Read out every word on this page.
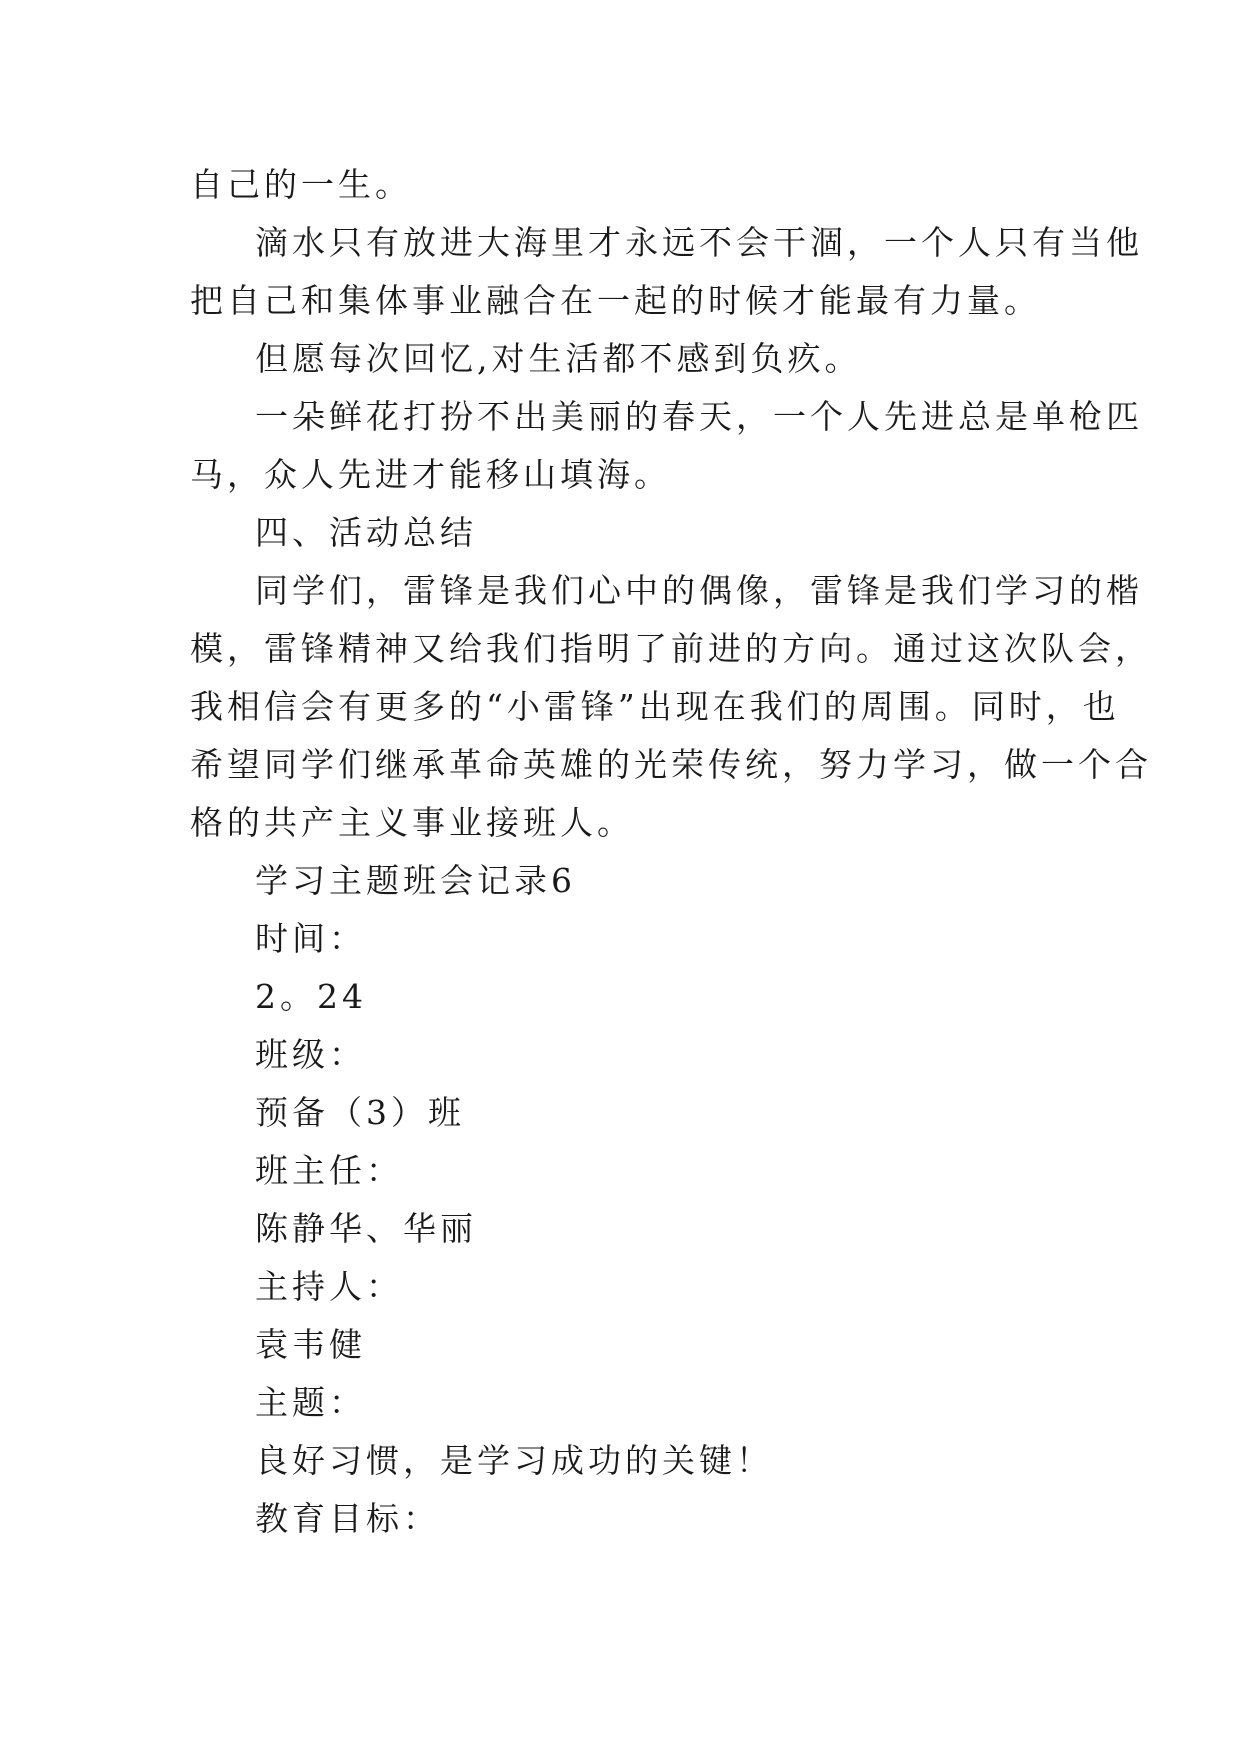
自己的一生。
滴水只有放进大海里才永远不会干涸，一个人只有当他
把自己和集体事业融合在一起的时候才能最有力量。
但愿每次回忆,对生活都不感到负疚。
一朵鲜花打扮不出美丽的春天，一个人先进总是单枪匹
马，众人先进才能移山填海。
四、活动总结
同学们，雷锋是我们心中的偶像，雷锋是我们学习的楷
模，雷锋精神又给我们指明了前进的方向。通过这次队会，
我相信会有更多的“小雷锋”出现在我们的周围。同时，也
希望同学们继承革命英雄的光荣传统，努力学习，做一个合
格的共产主义事业接班人。
学习主题班会记录6
时间：
2。24
班级：
预备（3）班
班主任：
陈静华、华丽
主持人：
袁韦健
主题：
良好习惯，是学习成功的关键！
教育目标：
